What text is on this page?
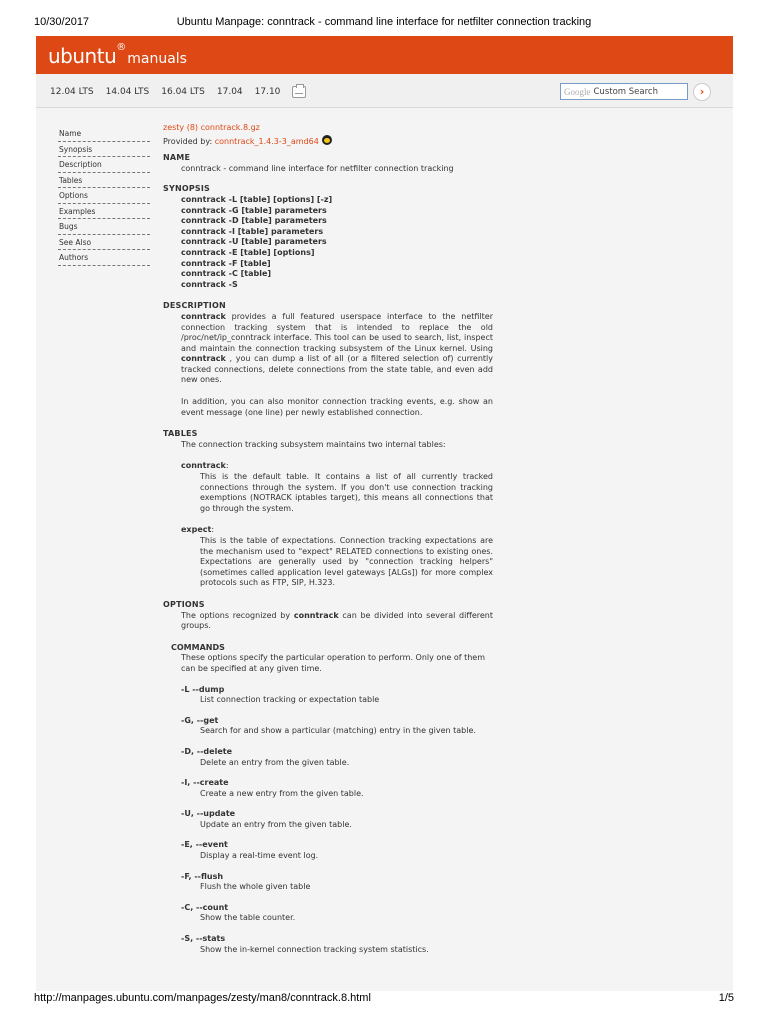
10/30/2017	Ubuntu Manpage: conntrack - command line interface for netfilter connection tracking
ubuntu®manuals
12.04 LTS 14.04 LTS 16.04 LTS 17.04 17.10	Google Custom Search	›
Name
Synopsis
Description
Tables
Options
Examples
Bugs
See Also
Authors
zesty (8) conntrack.8.gz
Provided by: conntrack_1.4.3-3_amd64
NAME
conntrack - command line interface for netfilter connection tracking
SYNOPSIS
conntrack -L [table] [options] [-z]
conntrack -G [table] parameters
conntrack -D [table] parameters
conntrack -I [table] parameters
conntrack -U [table] parameters
conntrack -E [table] [options]
conntrack -F [table]
conntrack -C [table]
conntrack -S
DESCRIPTION
conntrack provides a full featured userspace interface to the netfilter connection tracking system that is intended to replace the old /proc/net/ip_conntrack interface. This tool can be used to search, list, inspect and maintain the connection tracking subsystem of the Linux kernel. Using conntrack , you can dump a list of all (or a filtered selection of) currently tracked connections, delete connections from the state table, and even add new ones.
In addition, you can also monitor connection tracking events, e.g. show an event message (one line) per newly established connection.
TABLES
The connection tracking subsystem maintains two internal tables:
conntrack:
This is the default table. It contains a list of all currently tracked connections through the system. If you don't use connection tracking exemptions (NOTRACK iptables target), this means all connections that go through the system.
expect:
This is the table of expectations. Connection tracking expectations are the mechanism used to "expect" RELATED connections to existing ones. Expectations are generally used by "connection tracking helpers" (sometimes called application level gateways [ALGs]) for more complex protocols such as FTP, SIP, H.323.
OPTIONS
The options recognized by conntrack can be divided into several different groups.
COMMANDS
These options specify the particular operation to perform. Only one of them can be specified at any given time.
-L --dump
List connection tracking or expectation table
-G, --get
Search for and show a particular (matching) entry in the given table.
-D, --delete
Delete an entry from the given table.
-I, --create
Create a new entry from the given table.
-U, --update
Update an entry from the given table.
-E, --event
Display a real-time event log.
-F, --flush
Flush the whole given table
-C, --count
Show the table counter.
-S, --stats
Show the in-kernel connection tracking system statistics.
http://manpages.ubuntu.com/manpages/zesty/man8/conntrack.8.html	1/5
